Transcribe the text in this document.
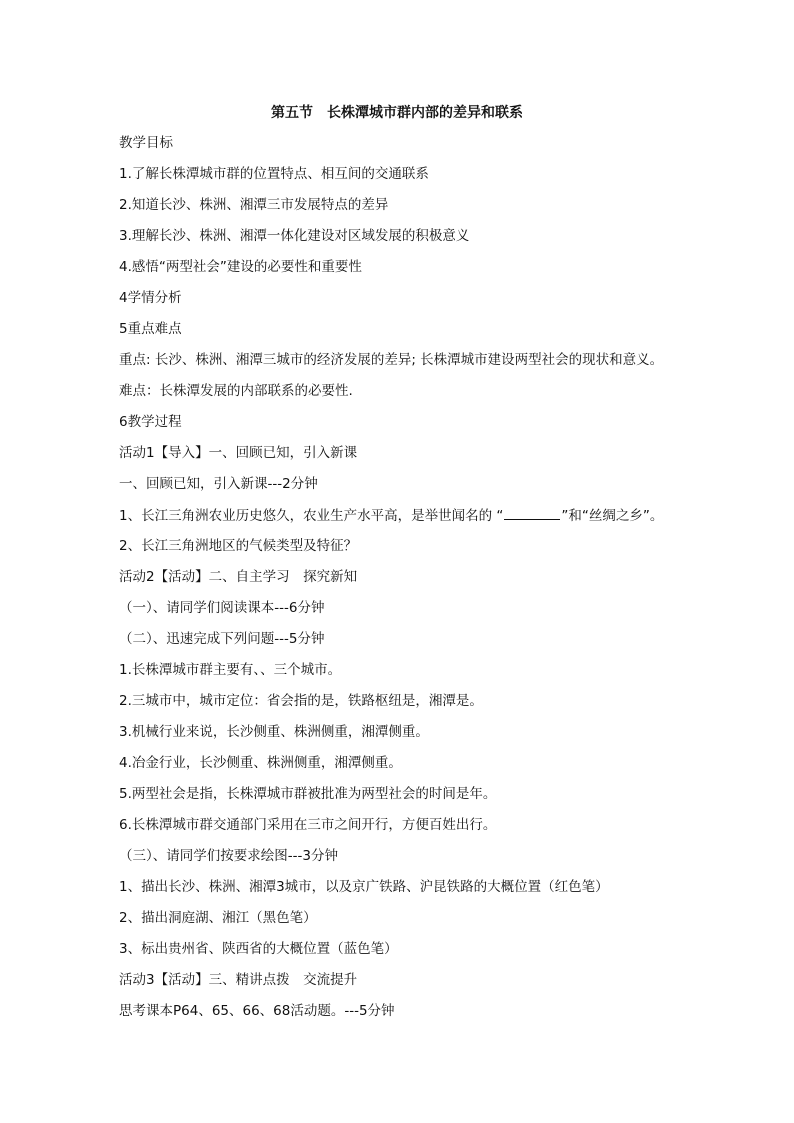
第五节　长株潭城市群内部的差异和联系
教学目标
1.了解长株潭城市群的位置特点、相互间的交通联系
2.知道长沙、株洲、湘潭三市发展特点的差异
3.理解长沙、株洲、湘潭一体化建设对区域发展的积极意义
4.感悟“两型社会”建设的必要性和重要性
4学情分析
5重点难点
重点: 长沙、株洲、湘潭三城市的经济发展的差异; 长株潭城市建设两型社会的现状和意义。
难点：长株潭发展的内部联系的必要性.
6教学过程
活动1【导入】一、回顾已知，引入新课
一、回顾已知，引入新课---2分钟
1、长江三角洲农业历史悠久，农业生产水平高，是举世闻名的 “	”和“丝绸之乡”。
2、长江三角洲地区的气候类型及特征？
活动2【活动】二、自主学习　探究新知
（一）、请同学们阅读课本---6分钟
（二）、迅速完成下列问题---5分钟
1.长株潭城市群主要有、、三个城市。
2.三城市中，城市定位：省会指的是，铁路枢纽是，湘潭是。
3.机械行业来说，长沙侧重、株洲侧重，湘潭侧重。
4.冶金行业，长沙侧重、株洲侧重，湘潭侧重。
5.两型社会是指，长株潭城市群被批准为两型社会的时间是年。
6.长株潭城市群交通部门采用在三市之间开行，方便百姓出行。
（三）、请同学们按要求绘图---3分钟
1、描出长沙、株洲、湘潭3城市，以及京广铁路、沪昆铁路的大概位置（红色笔）
2、描出洞庭湖、湘江（黑色笔）
3、标出贵州省、陕西省的大概位置（蓝色笔）
活动3【活动】三、精讲点拨　交流提升
思考课本P64、65、66、68活动题。---5分钟
